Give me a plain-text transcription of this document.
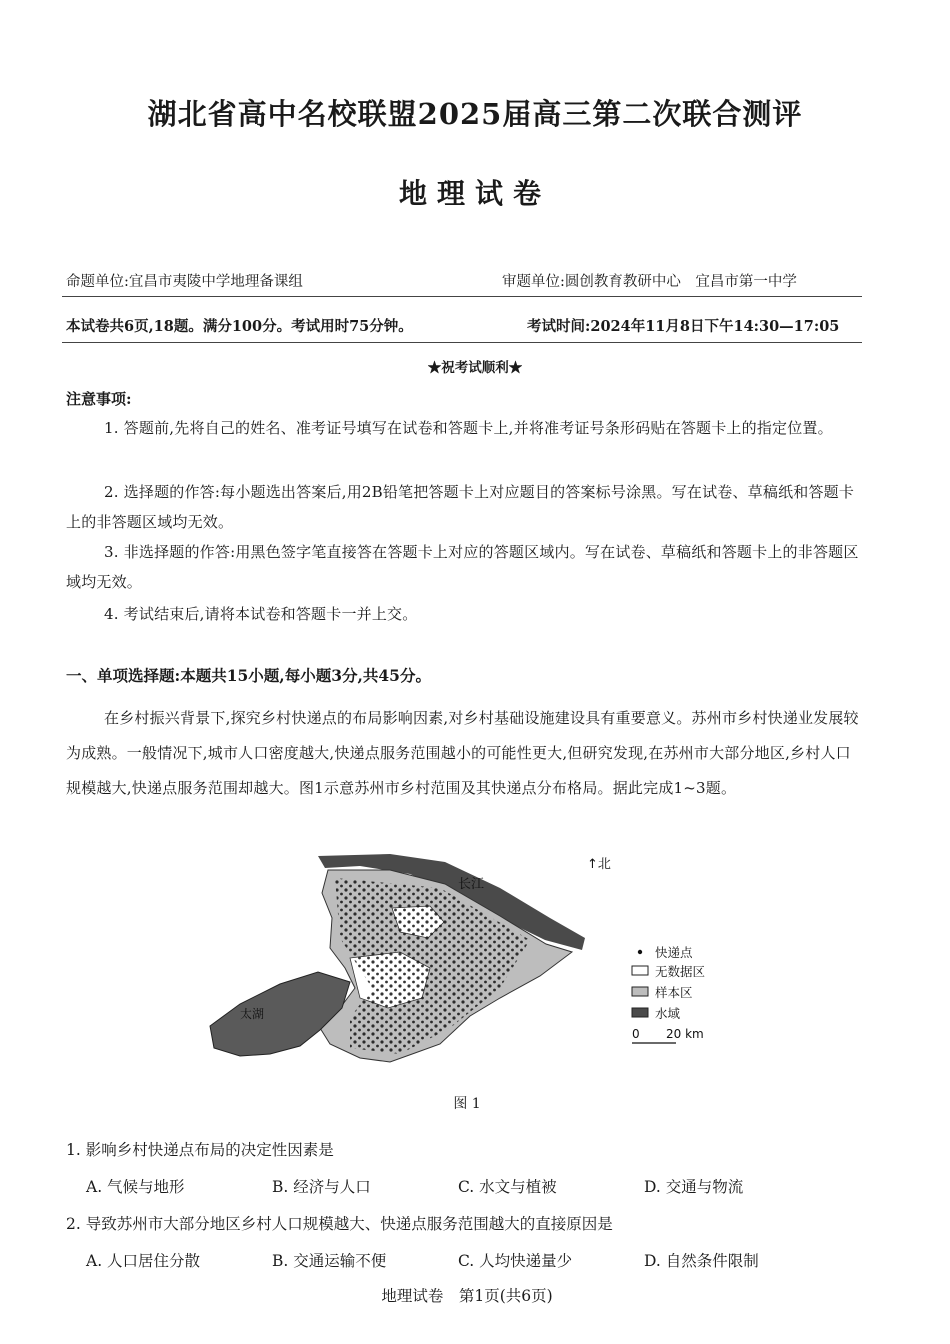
湖北省高中名校联盟2025届高三第二次联合测评
地理试卷
命题单位:宜昌市夷陵中学地理备课组	审题单位:圆创教育教研中心　宜昌市第一中学
本试卷共6页,18题。满分100分。考试用时75分钟。	考试时间:2024年11月8日下午14:30—17:05
★祝考试顺利★
注意事项:
1. 答题前,先将自己的姓名、准考证号填写在试卷和答题卡上,并将准考证号条形码贴在答题卡上的指定位置。
2. 选择题的作答:每小题选出答案后,用2B铅笔把答题卡上对应题目的答案标号涂黑。写在试卷、草稿纸和答题卡上的非答题区域均无效。
3. 非选择题的作答:用黑色签字笔直接答在答题卡上对应的答题区域内。写在试卷、草稿纸和答题卡上的非答题区域均无效。
4. 考试结束后,请将本试卷和答题卡一并上交。
一、单项选择题:本题共15小题,每小题3分,共45分。
在乡村振兴背景下,探究乡村快递点的布局影响因素,对乡村基础设施建设具有重要意义。苏州市乡村快递业发展较为成熟。一般情况下,城市人口密度越大,快递点服务范围越小的可能性更大,但研究发现,在苏州市大部分地区,乡村人口规模越大,快递点服务范围却越大。图1示意苏州市乡村范围及其快递点分布格局。据此完成1~3题。
太湖
长江
↑北
快递点
无数据区
样本区
水域
0 20 km
图 1
1. 影响乡村快递点布局的决定性因素是
A. 气候与地形	B. 经济与人口	C. 水文与植被	D. 交通与物流
2. 导致苏州市大部分地区乡村人口规模越大、快递点服务范围越大的直接原因是
A. 人口居住分散	B. 交通运输不便	C. 人均快递量少	D. 自然条件限制
地理试卷　第1页(共6页)
